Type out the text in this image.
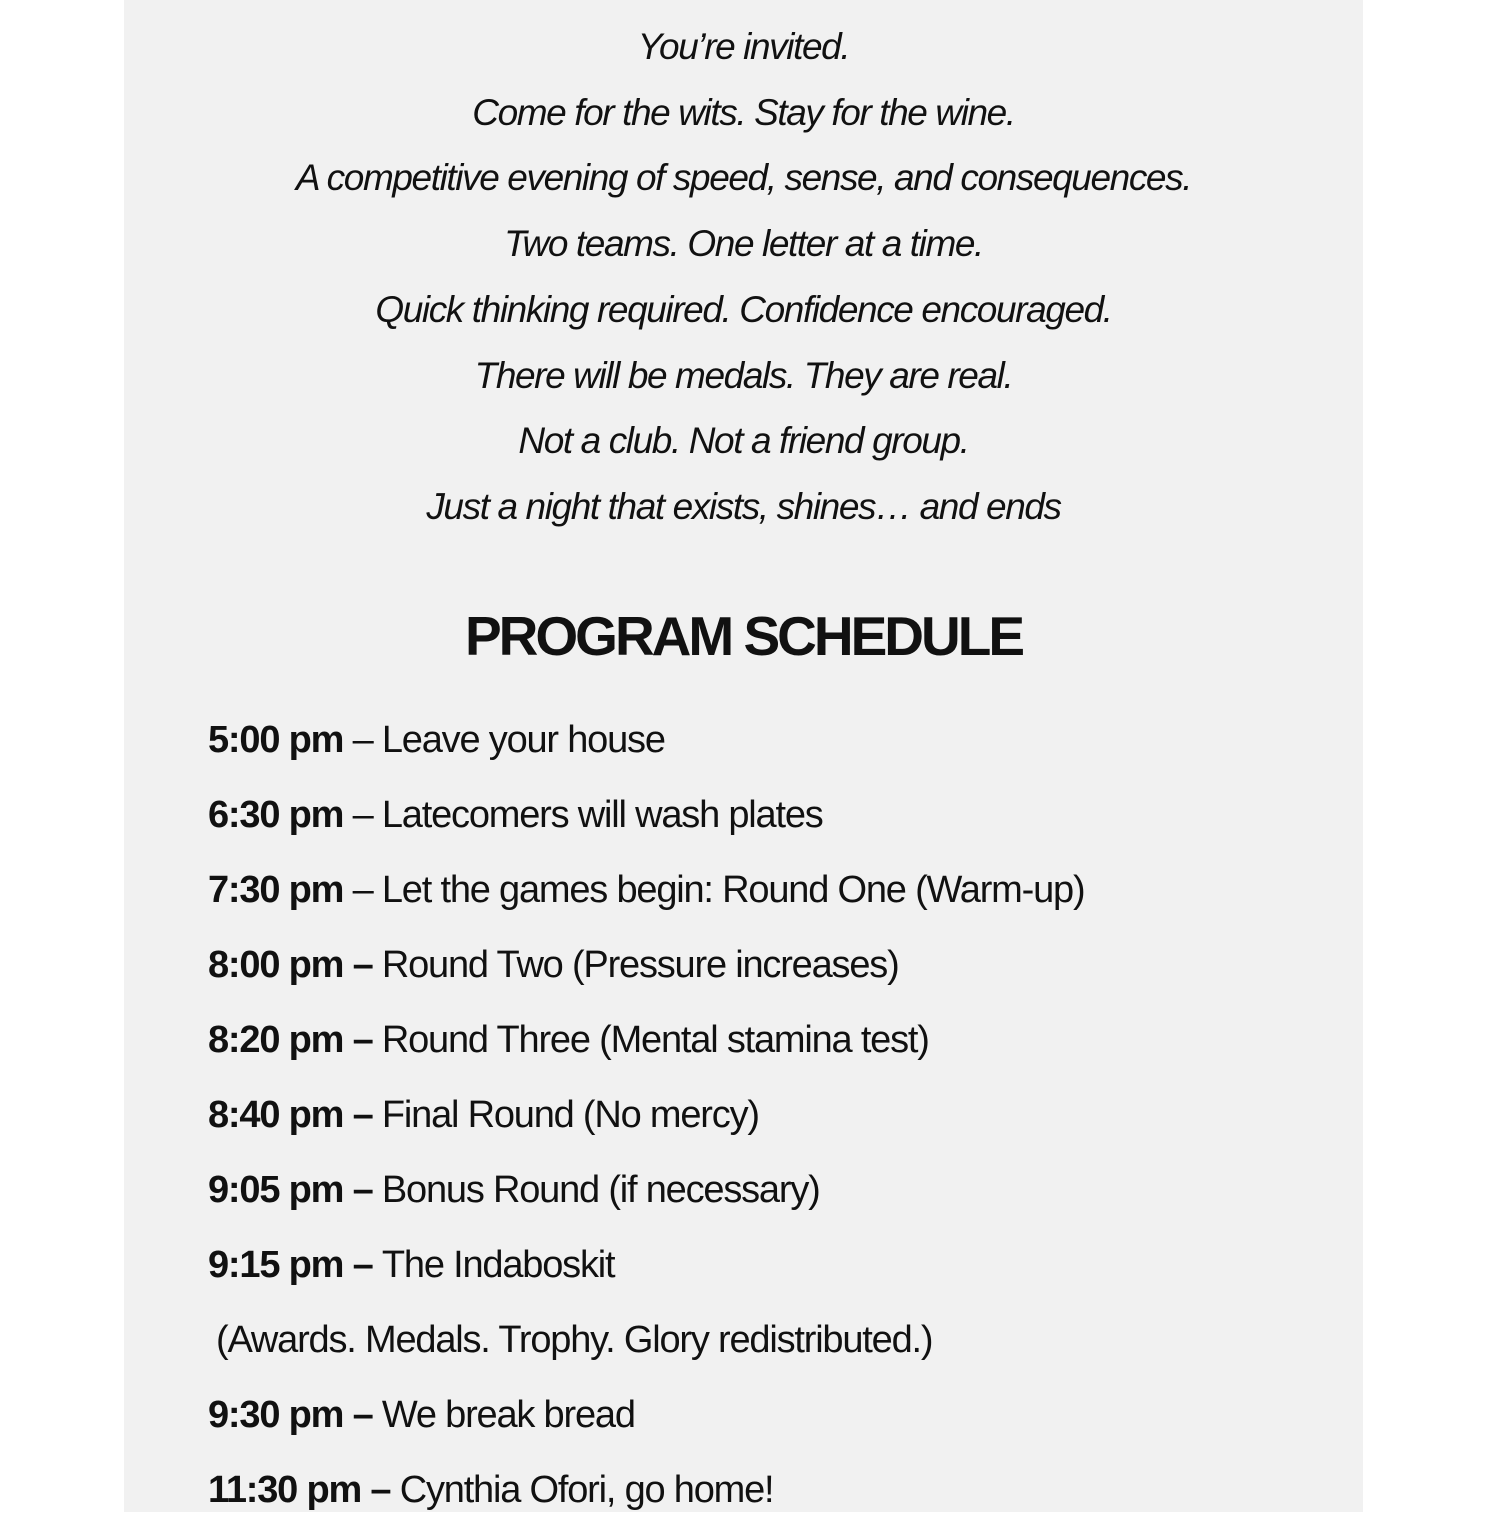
You’re invited.
Come for the wits. Stay for the wine.
A competitive evening of speed, sense, and consequences.
Two teams. One letter at a time.
Quick thinking required. Confidence encouraged.
There will be medals. They are real.
Not a club. Not a friend group.
Just a night that exists, shines… and ends
PROGRAM SCHEDULE
5:00 pm – Leave your house
6:30 pm – Latecomers will wash plates
7:30 pm – Let the games begin: Round One (Warm-up)
8:00 pm – Round Two (Pressure increases)
8:20 pm – Round Three (Mental stamina test)
8:40 pm – Final Round (No mercy)
9:05 pm – Bonus Round (if necessary)
9:15 pm – The Indaboskit
(Awards. Medals. Trophy. Glory redistributed.)
9:30 pm – We break bread
11:30 pm – Cynthia Ofori, go home!
